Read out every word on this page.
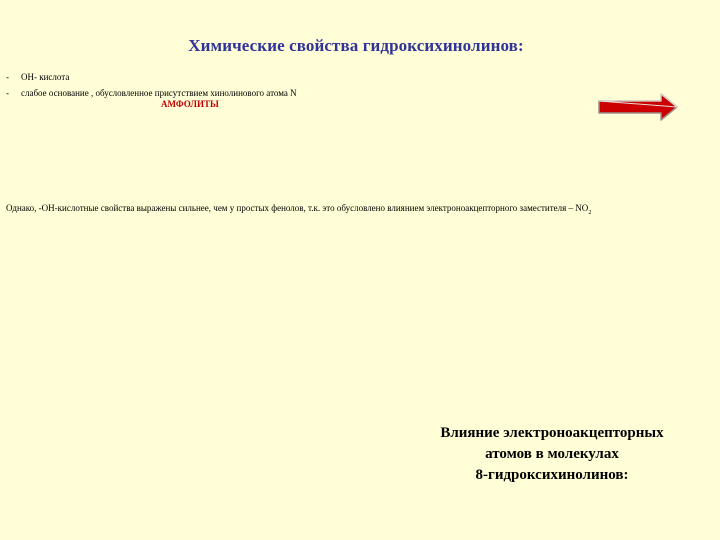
Химические свойства гидроксихинолинов:
-	ОН- кислота
-	слабое основание , обусловленное присутствием хинолинового атома N
АМФОЛИТЫ
Однако, -ОН-кислотные свойства выражены сильнее, чем у простых фенолов, т.к. это обусловлено влиянием электроноакцепторного заместителя – $NO_2$
Влияние электроноакцепторных
атомов в молекулах
8-гидроксихинолинов:
